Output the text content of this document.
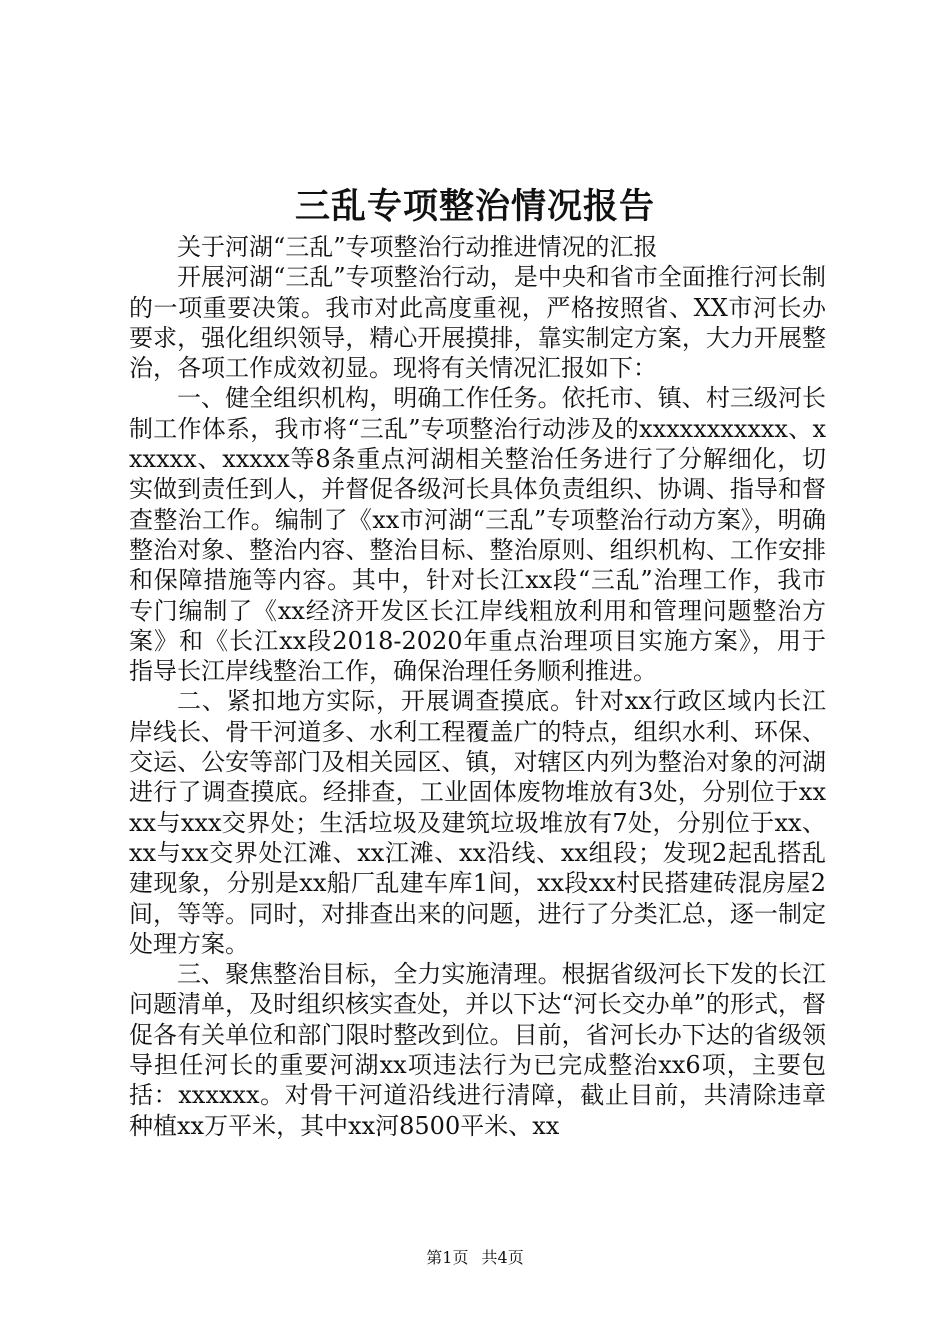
三乱专项整治情况报告

关于河湖“三乱”专项整治行动推进情况的汇报

开展河湖“三乱”专项整治行动，是中央和省市全面推行河长制的一项重要决策。我市对此高度重视，严格按照省、XX市河长办要求，强化组织领导，精心开展摸排，靠实制定方案，大力开展整治，各项工作成效初显。现将有关情况汇报如下：

一、健全组织机构，明确工作任务。依托市、镇、村三级河长制工作体系，我市将“三乱”专项整治行动涉及的xxxxxxxxxxx、xxxxxx、xxxxx等8条重点河湖相关整治任务进行了分解细化，切实做到责任到人，并督促各级河长具体负责组织、协调、指导和督查整治工作。编制了《xx市河湖“三乱”专项整治行动方案》，明确整治对象、整治内容、整治目标、整治原则、组织机构、工作安排和保障措施等内容。其中，针对长江xx段“三乱”治理工作，我市专门编制了《xx经济开发区长江岸线粗放利用和管理问题整治方案》和《长江xx段2018-2020年重点治理项目实施方案》，用于指导长江岸线整治工作，确保治理任务顺利推进。

二、紧扣地方实际，开展调查摸底。针对xx行政区域内长江岸线长、骨干河道多、水利工程覆盖广的特点，组织水利、环保、交运、公安等部门及相关园区、镇，对辖区内列为整治对象的河湖进行了调查摸底。经排查，工业固体废物堆放有3处，分别位于xxxx与xxx交界处；生活垃圾及建筑垃圾堆放有7处，分别位于xx、xx与xx交界处江滩、xx江滩、xx沿线、xx组段；发现2起乱搭乱建现象，分别是xx船厂乱建车库1间，xx段xx村民搭建砖混房屋2间，等等。同时，对排查出来的问题，进行了分类汇总，逐一制定处理方案。

三、聚焦整治目标，全力实施清理。根据省级河长下发的长江问题清单，及时组织核实查处，并以下达“河长交办单”的形式，督促各有关单位和部门限时整改到位。目前，省河长办下达的省级领导担任河长的重要河湖xx项违法行为已完成整治xx6项，主要包括：xxxxxx。对骨干河道沿线进行清障，截止目前，共清除违章种植xx万平米，其中xx河8500平米、xx

第1页 共4页
